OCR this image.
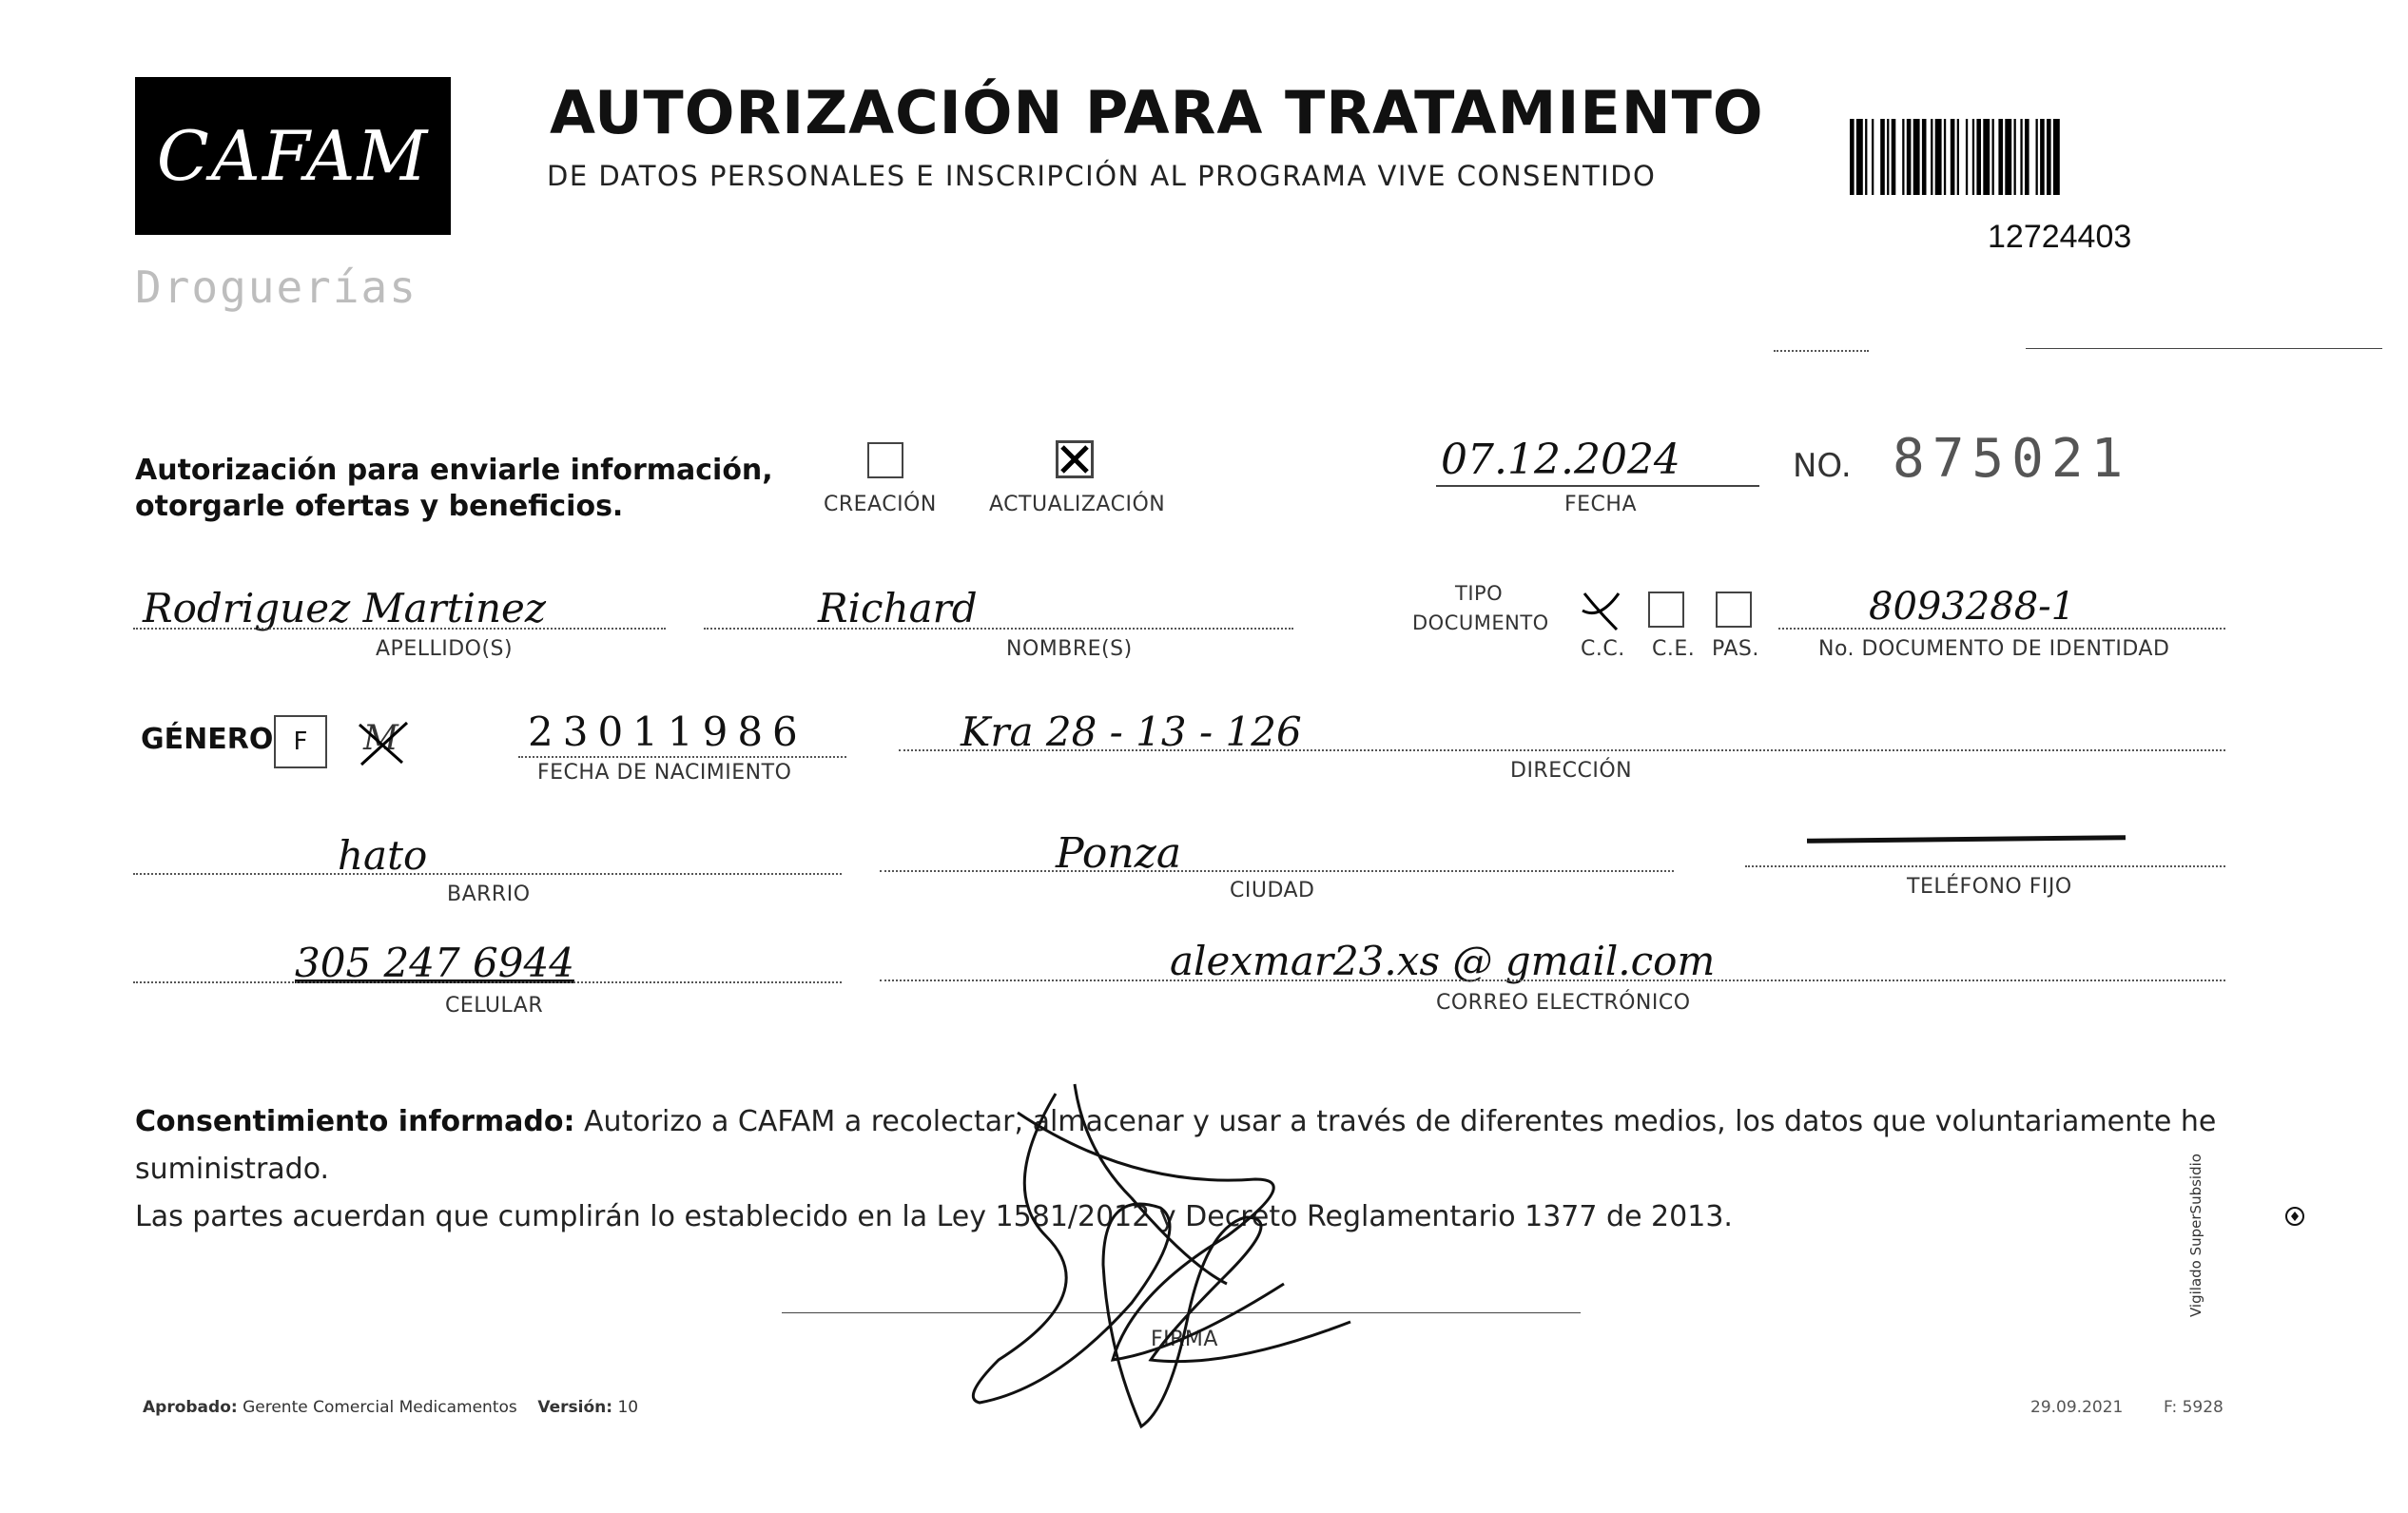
CAFAM
Droguerías
AUTORIZACIÓN PARA TRATAMIENTO
DE DATOS PERSONALES E INSCRIPCIÓN AL PROGRAMA VIVE CONSENTIDO
12724403
Autorización para enviarle información,
otorgarle ofertas y beneficios.	CREACIÓN	ACTUALIZACIÓN
07.12.2024
FECHA
NO. 875021
Rodriguez Martinez
APELLIDO(S)
Richard
NOMBRE(S)
TIPO
DOCUMENTO
C.C. C.E. PAS.
8093288-1
No. DOCUMENTO DE IDENTIDAD
GÉNERO F M	23011986
FECHA DE NACIMIENTO
Kra 28 - 13 - 126
DIRECCIÓN
hato
BARRIO
Ponza
CIUDAD	TELÉFONO FIJO
305 247 6944
CELULAR
alexmar23.xs @ gmail.com
CORREO ELECTRÓNICO
Consentimiento informado: Autorizo a CAFAM a recolectar, almacenar y usar a través de diferentes medios, los datos que voluntariamente he suministrado.
Las partes acuerdan que cumplirán lo establecido en la Ley 1581/2012 y Decreto Reglamentario 1377 de 2013.
FIRMA
Aprobado: Gerente Comercial Medicamentos Versión: 10	29.09.2021	F: 5928
Vigilado SuperSubsidio
